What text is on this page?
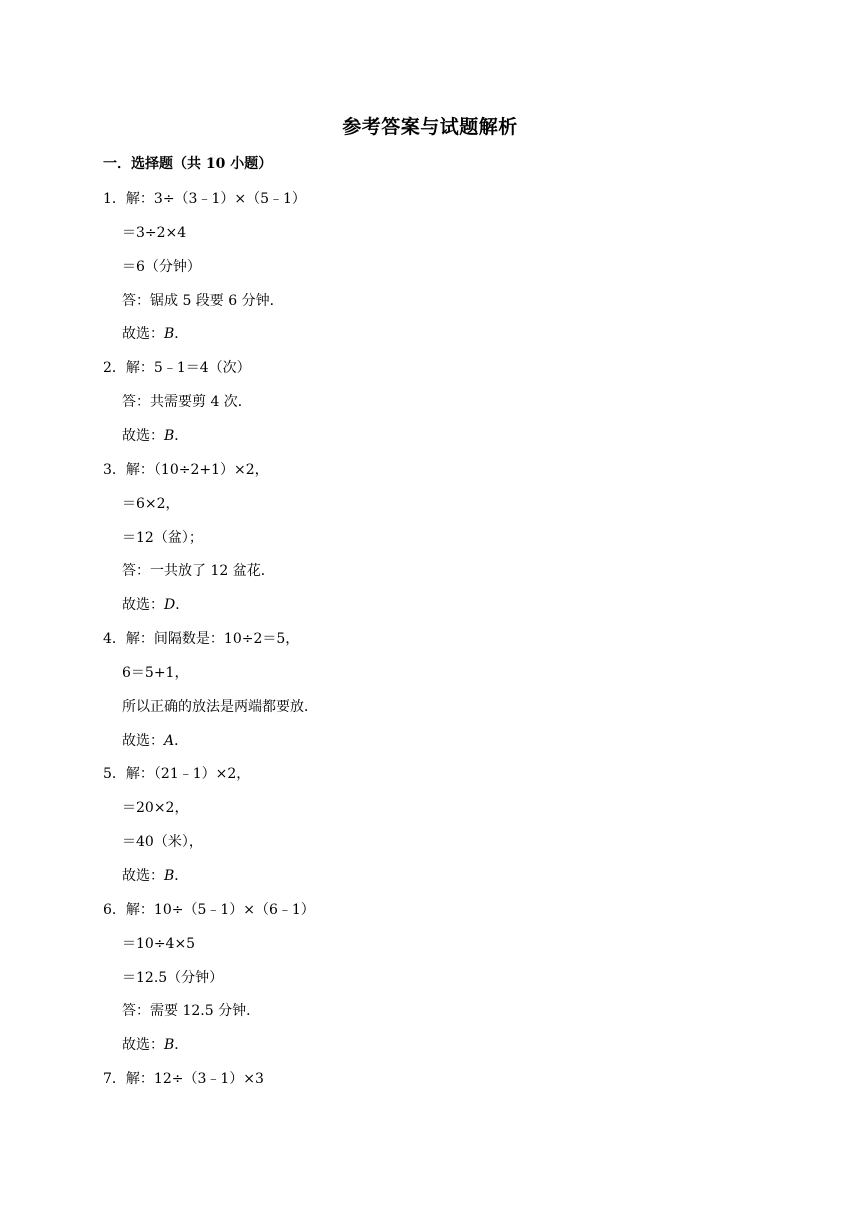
参考答案与试题解析
一．选择题（共 10 小题）
1．解：3÷（3﹣1）×（5﹣1）
＝3÷2×4
＝6（分钟）
答：锯成 5 段要 6 分钟．
故选：B．
2．解：5﹣1＝4（次）
答：共需要剪 4 次．
故选：B．
3．解：（10÷2+1）×2，
＝6×2，
＝12（盆）；
答：一共放了 12 盆花．
故选：D．
4．解：间隔数是：10÷2＝5，
6＝5+1，
所以正确的放法是两端都要放．
故选：A．
5．解：（21﹣1）×2，
＝20×2，
＝40（米），
故选：B．
6．解：10÷（5﹣1）×（6﹣1）
＝10÷4×5
＝12.5（分钟）
答：需要 12.5 分钟．
故选：B．
7．解：12÷（3﹣1）×3
